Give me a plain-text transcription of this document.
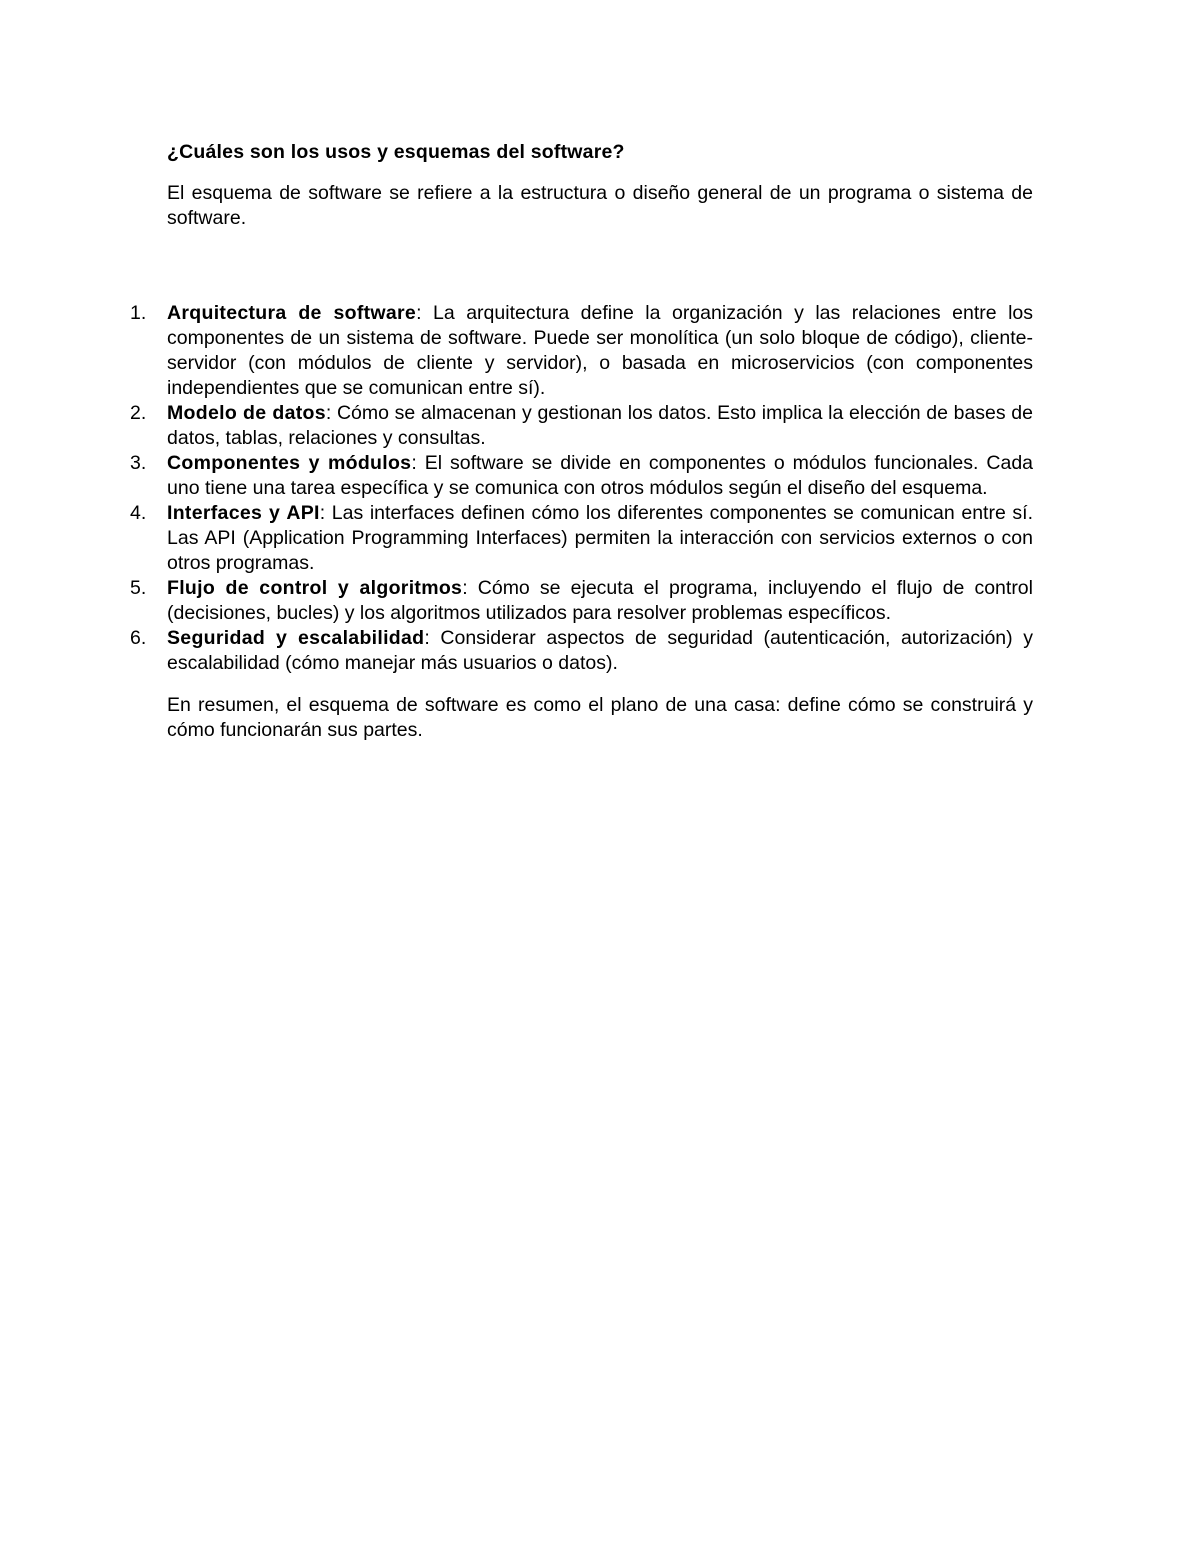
¿Cuáles son los usos y esquemas del software?

El esquema de software se refiere a la estructura o diseño general de un programa o sistema de software.

1. Arquitectura de software: La arquitectura define la organización y las relaciones entre los componentes de un sistema de software. Puede ser monolítica (un solo bloque de código), cliente-servidor (con módulos de cliente y servidor), o basada en microservicios (con componentes independientes que se comunican entre sí).
2. Modelo de datos: Cómo se almacenan y gestionan los datos. Esto implica la elección de bases de datos, tablas, relaciones y consultas.
3. Componentes y módulos: El software se divide en componentes o módulos funcionales. Cada uno tiene una tarea específica y se comunica con otros módulos según el diseño del esquema.
4. Interfaces y API: Las interfaces definen cómo los diferentes componentes se comunican entre sí. Las API (Application Programming Interfaces) permiten la interacción con servicios externos o con otros programas.
5. Flujo de control y algoritmos: Cómo se ejecuta el programa, incluyendo el flujo de control (decisiones, bucles) y los algoritmos utilizados para resolver problemas específicos.
6. Seguridad y escalabilidad: Considerar aspectos de seguridad (autenticación, autorización) y escalabilidad (cómo manejar más usuarios o datos).

En resumen, el esquema de software es como el plano de una casa: define cómo se construirá y cómo funcionarán sus partes.
